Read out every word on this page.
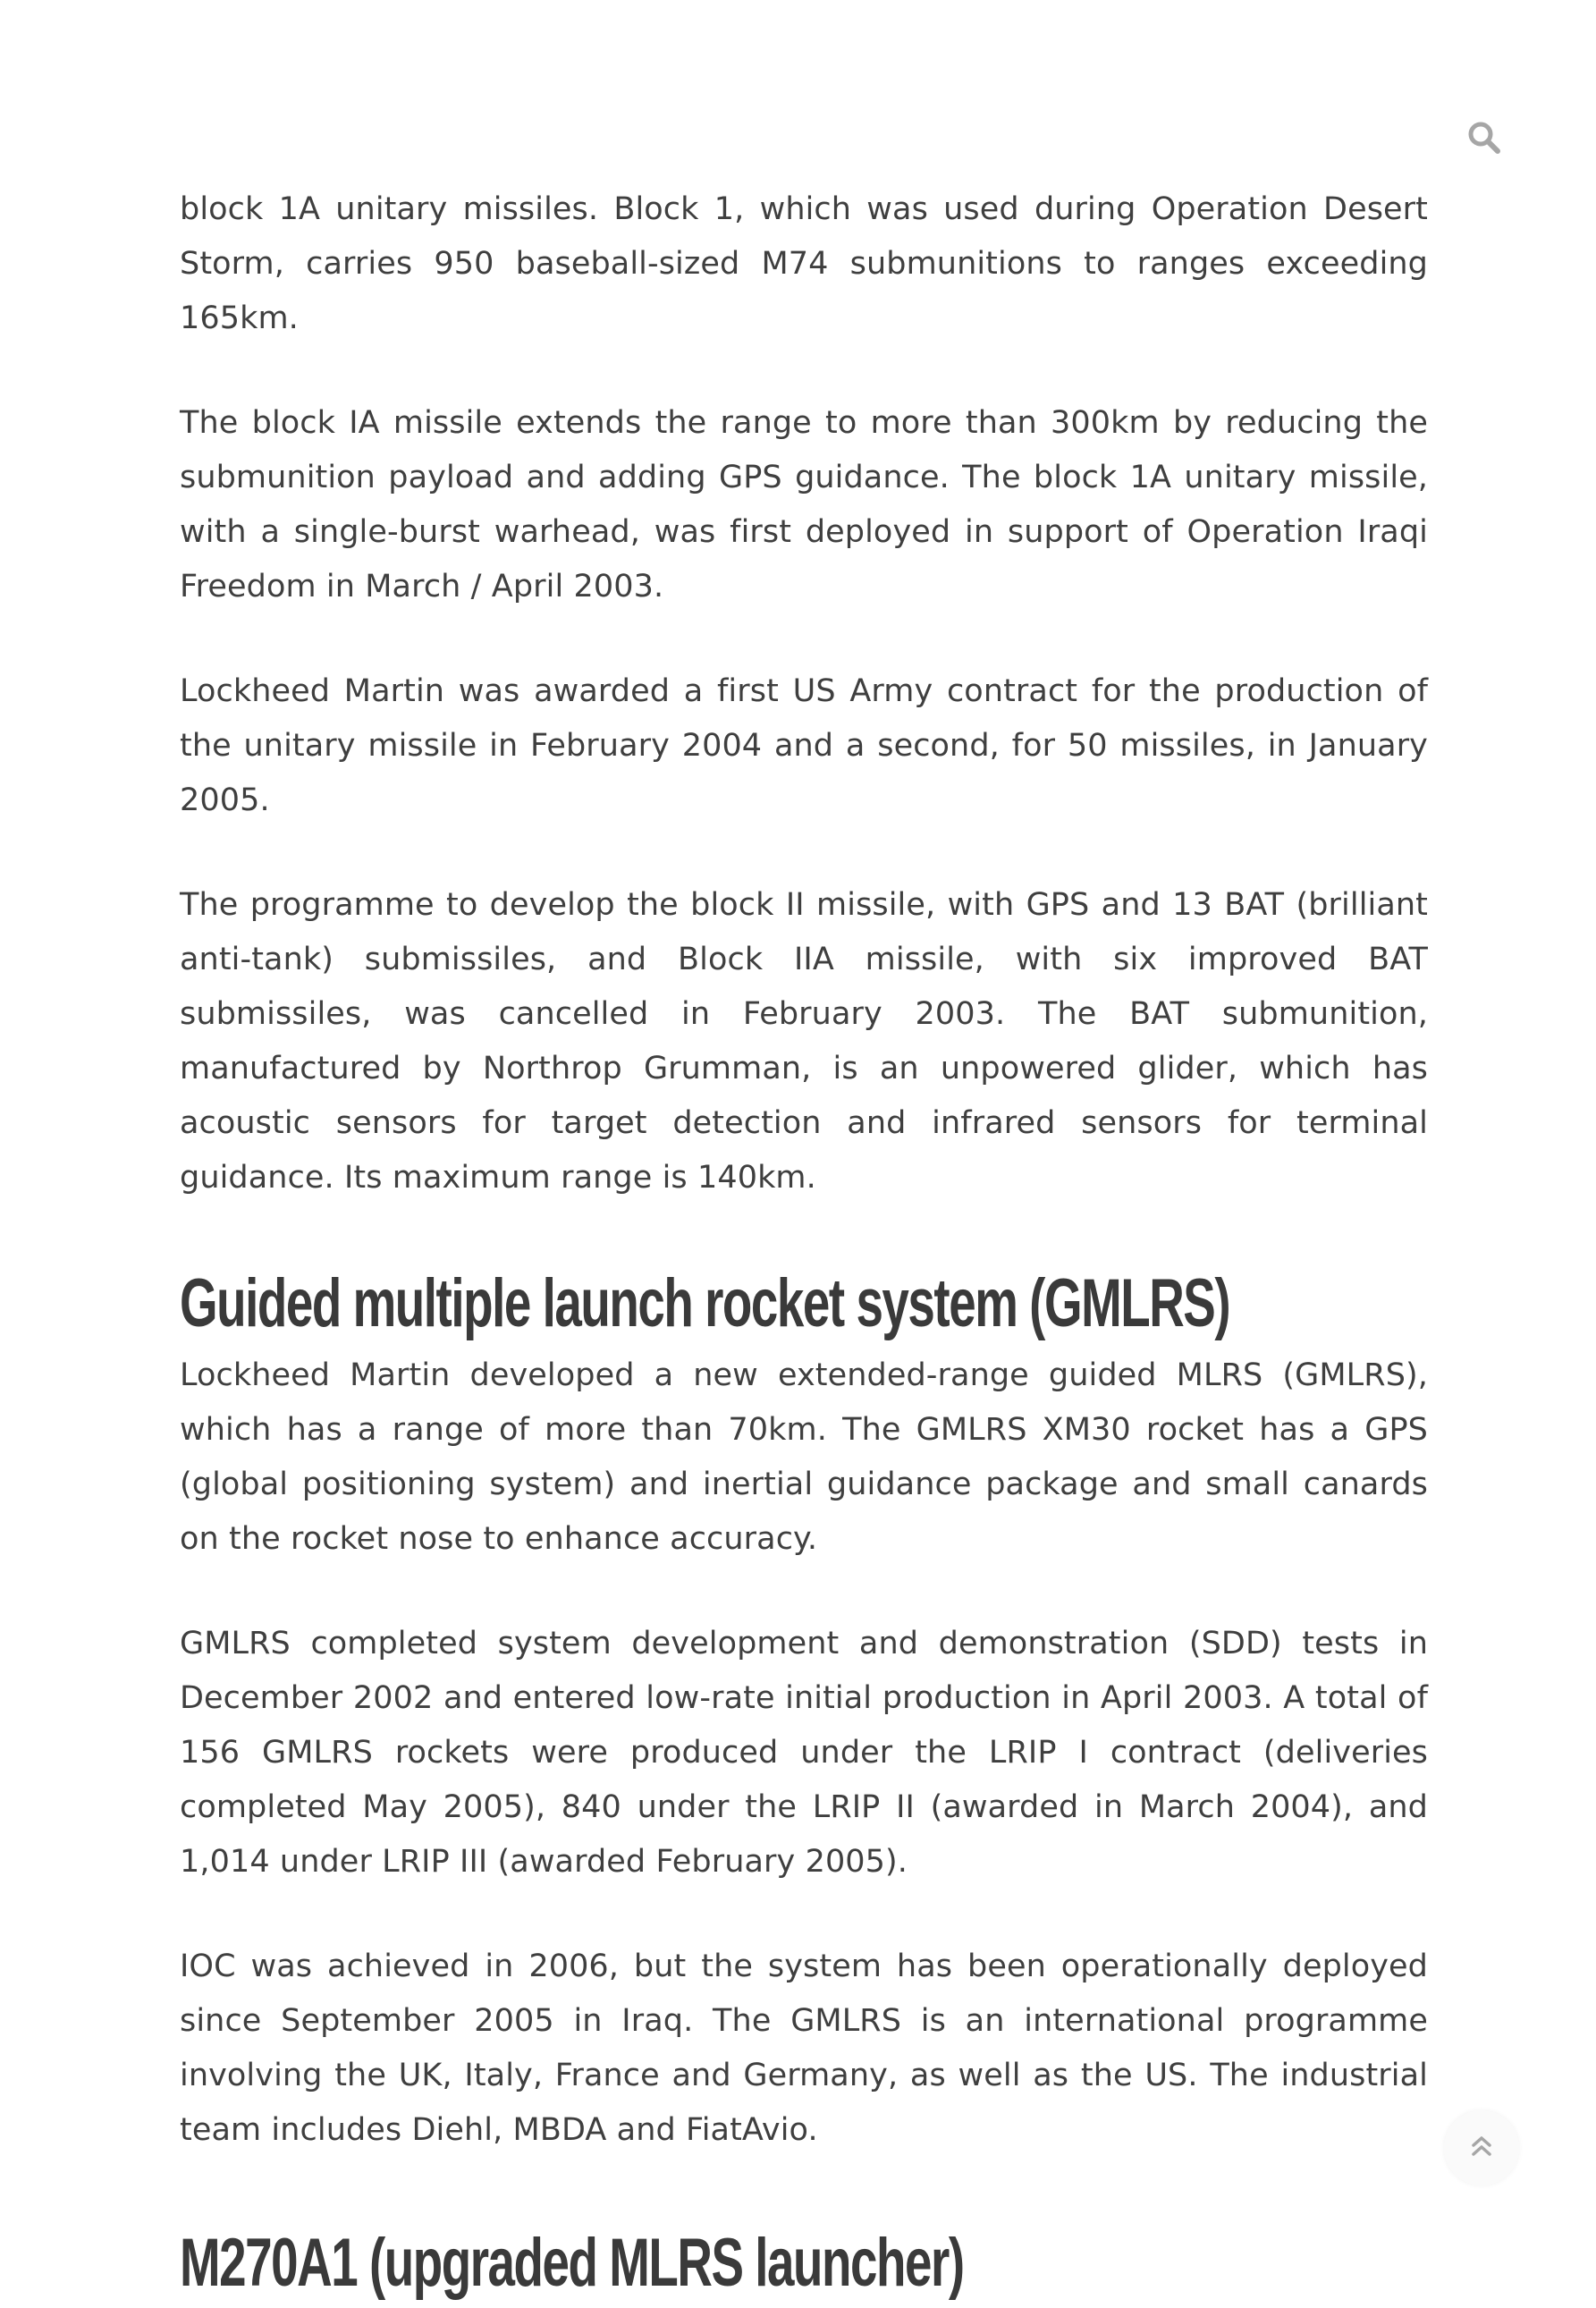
block 1A unitary missiles. Block 1, which was used during Operation Desert Storm, carries 950 baseball-sized M74 submunitions to ranges exceeding 165km.

The block IA missile extends the range to more than 300km by reducing the submunition payload and adding GPS guidance. The block 1A unitary missile, with a single-burst warhead, was first deployed in support of Operation Iraqi Freedom in March / April 2003.

Lockheed Martin was awarded a first US Army contract for the production of the unitary missile in February 2004 and a second, for 50 missiles, in January 2005.

The programme to develop the block II missile, with GPS and 13 BAT (brilliant anti-tank) submissiles, and Block IIA missile, with six improved BAT submissiles, was cancelled in February 2003. The BAT submunition, manufactured by Northrop Grumman, is an unpowered glider, which has acoustic sensors for target detection and infrared sensors for terminal guidance. Its maximum range is 140km.

Guided multiple launch rocket system (GMLRS)

Lockheed Martin developed a new extended-range guided MLRS (GMLRS), which has a range of more than 70km. The GMLRS XM30 rocket has a GPS (global positioning system) and inertial guidance package and small canards on the rocket nose to enhance accuracy.

GMLRS completed system development and demonstration (SDD) tests in December 2002 and entered low-rate initial production in April 2003. A total of 156 GMLRS rockets were produced under the LRIP I contract (deliveries completed May 2005), 840 under the LRIP II (awarded in March 2004), and 1,014 under LRIP III (awarded February 2005).

IOC was achieved in 2006, but the system has been operationally deployed since September 2005 in Iraq. The GMLRS is an international programme involving the UK, Italy, France and Germany, as well as the US. The industrial team includes Diehl, MBDA and FiatAvio.

M270A1 (upgraded MLRS launcher)
